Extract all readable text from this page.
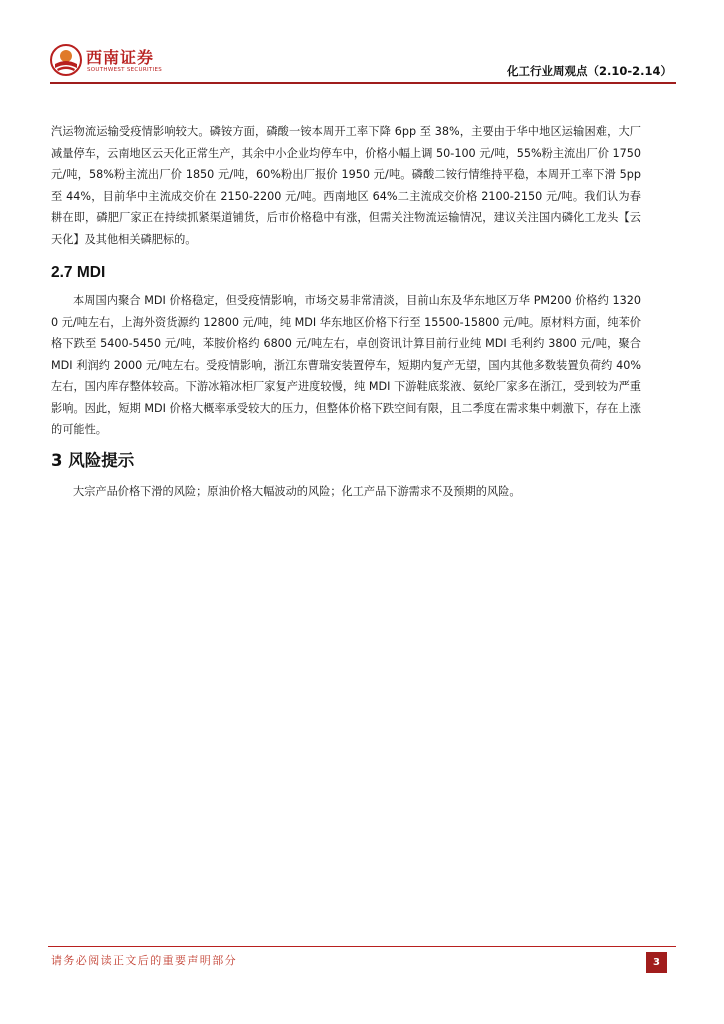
西南证券
SOUTHWEST SECURITIES	化工行业周观点（2.10-2.14）

汽运物流运输受疫情影响较大。磷铵方面，磷酸一铵本周开工率下降 6pp 至 38%，主要由于华中地区运输困难，大厂减量停车，云南地区云天化正常生产，其余中小企业均停车中，价格小幅上调 50-100 元/吨，55%粉主流出厂价 1750 元/吨，58%粉主流出厂价 1850 元/吨，60%粉出厂报价 1950 元/吨。磷酸二铵行情维持平稳，本周开工率下滑 5pp 至 44%，目前华中主流成交价在 2150-2200 元/吨。西南地区 64%二主流成交价格 2100-2150 元/吨。我们认为春耕在即，磷肥厂家正在持续抓紧渠道铺货，后市价格稳中有涨，但需关注物流运输情况，建议关注国内磷化工龙头【云天化】及其他相关磷肥标的。

2.7 MDI

本周国内聚合 MDI 价格稳定，但受疫情影响，市场交易非常清淡，目前山东及华东地区万华 PM200 价格约 13200 元/吨左右，上海外资货源约 12800 元/吨，纯 MDI 华东地区价格下行至 15500-15800 元/吨。原材料方面，纯苯价格下跌至 5400-5450 元/吨，苯胺价格约 6800 元/吨左右，卓创资讯计算目前行业纯 MDI 毛利约 3800 元/吨，聚合 MDI 利润约 2000 元/吨左右。受疫情影响，浙江东曹瑞安装置停车，短期内复产无望，国内其他多数装置负荷约 40%左右，国内库存整体较高。下游冰箱冰柜厂家复产进度较慢，纯 MDI 下游鞋底浆液、氨纶厂家多在浙江，受到较为严重影响。因此，短期 MDI 价格大概率承受较大的压力，但整体价格下跌空间有限，且二季度在需求集中刺激下，存在上涨的可能性。

3 风险提示

大宗产品价格下滑的风险；原油价格大幅波动的风险；化工产品下游需求不及预期的风险。

请务必阅读正文后的重要声明部分	3
